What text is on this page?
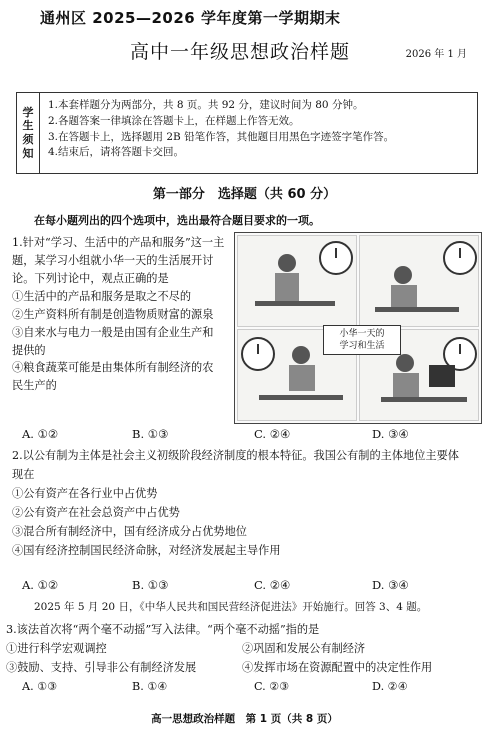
通州区 2025—2026 学年度第一学期期末
高中一年级思想政治样题	2026 年 1 月
学
生
须
知
1.本套样题分为两部分，共 8 页。共 92 分，建议时间为 80 分钟。
2.各题答案一律填涂在答题卡上，在样题上作答无效。
3.在答题卡上，选择题用 2B 铅笔作答，其他题目用黑色字迹签字笔作答。
4.结束后，请将答题卡交回。
第一部分　选择题（共 60 分）
在每小题列出的四个选项中，选出最符合题目要求的一项。

1.针对“学习、生活中的产品和服务”这一主

题，某学习小组就小华一天的生活展开讨

论。下列讨论中，观点正确的是

①生活中的产品和服务是取之不尽的

②生产资料所有制是创造物质财富的源泉

③自来水与电力一般是由国有企业生产和

提供的

④粮食蔬菜可能是由集体所有制经济的农

民生产的

小华一天的
学习和生活
A. ①②	B. ①③	C. ②④	D. ③④

2.以公有制为主体是社会主义初级阶段经济制度的根本特征。我国公有制的主体地位主要体

现在

①公有资产在各行业中占优势

②公有资产在社会总资产中占优势

③混合所有制经济中，国有经济成分占优势地位

④国有经济控制国民经济命脉，对经济发展起主导作用

A. ①②	B. ①③	C. ②④	D. ③④
2025 年 5 月 20 日，《中华人民共和国民营经济促进法》开始施行。回答 3、4 题。

3.该法首次将“两个毫不动摇”写入法律。“两个毫不动摇”指的是

①进行科学宏观调控	②巩固和发展公有制经济
③鼓励、支持、引导非公有制经济发展	④发挥市场在资源配置中的决定性作用
A. ①③	B. ①④	C. ②③	D. ②④
高一思想政治样题　第 1 页（共 8 页）
